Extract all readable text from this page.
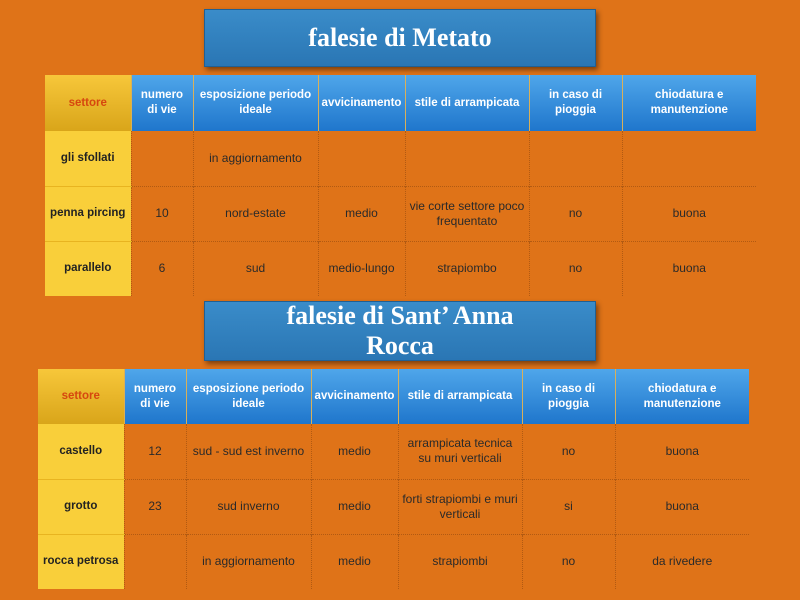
falesie di Metato
settore	numero di vie	esposizione periodo ideale	avvicinamento	stile di arrampicata	in caso di pioggia	chiodatura e manutenzione
gli sfollati		in aggiornamento				
penna pircing	10	nord-estate	medio	vie corte settore poco frequentato	no	buona
parallelo	6	sud	medio-lungo	strapiombo	no	buona
falesie di Sant’ Anna
Rocca
settore	numero di vie	esposizione periodo ideale	avvicinamento	stile di arrampicata	in caso di pioggia	chiodatura e manutenzione
castello	12	sud - sud est inverno	medio	arrampicata tecnica su muri verticali	no	buona
grotto	23	sud inverno	medio	forti strapiombi e muri verticali	si	buona
rocca petrosa		in aggiornamento	medio	strapiombi	no	da rivedere
